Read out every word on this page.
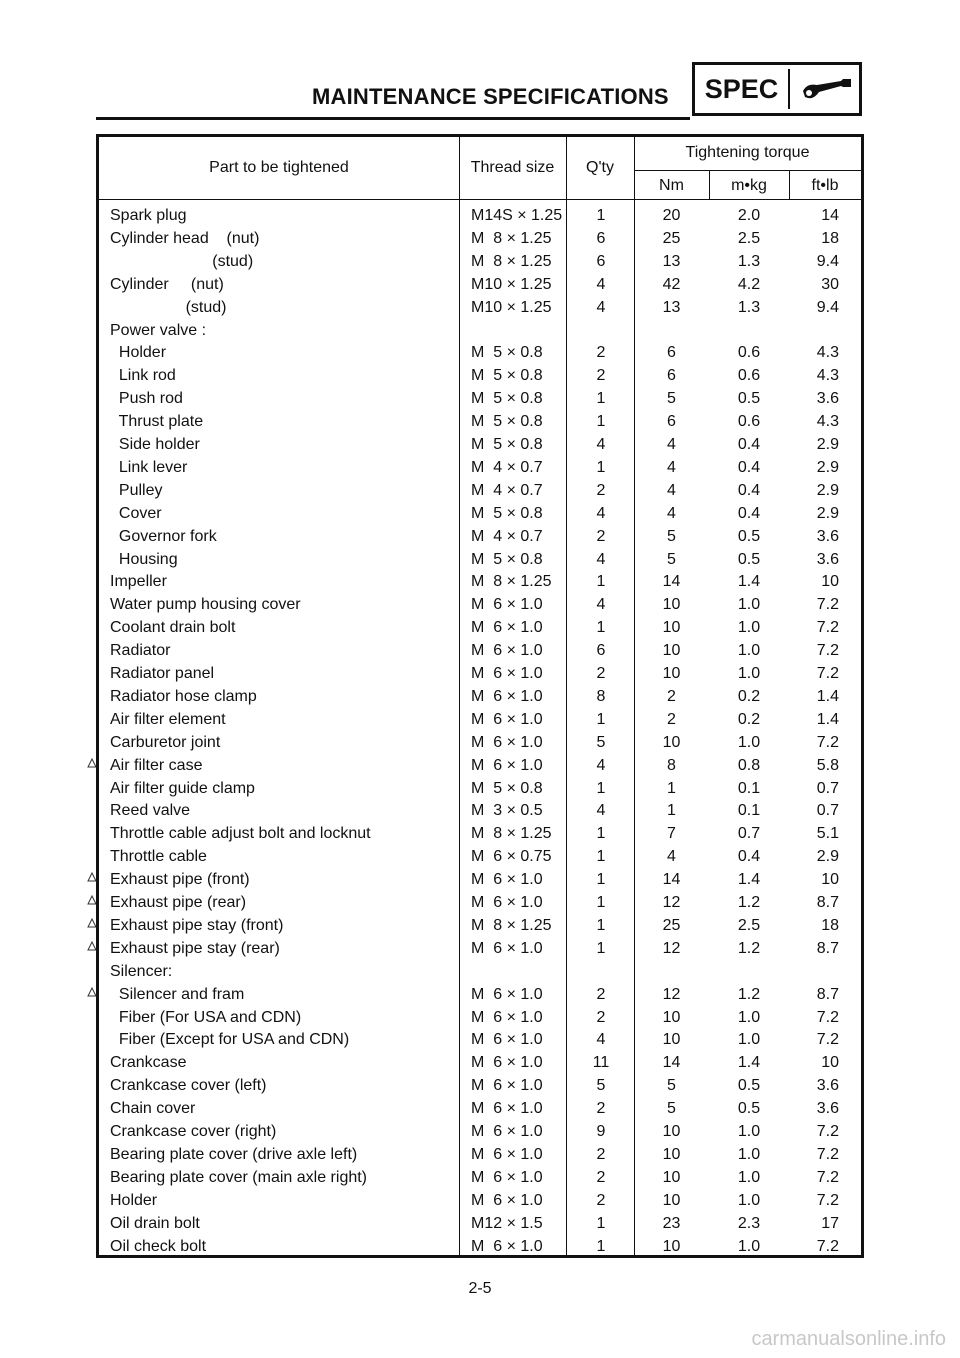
MAINTENANCE SPECIFICATIONS	SPEC
Part to be tightened	Thread size	Q'ty
Tightening torque
Nm	m•kg	ft•lb
Spark plug	M14S × 1.25	1	20	2.0	14
Cylinder head    (nut)	M  8 × 1.25	6	25	2.5	18
(stud)	M  8 × 1.25	6	13	1.3	9.4
Cylinder     (nut)	M10 × 1.25	4	42	4.2	30
(stud)	M10 × 1.25	4	13	1.3	9.4
Power valve :
Holder	M  5 × 0.8	2	6	0.6	4.3
Link rod	M  5 × 0.8	2	6	0.6	4.3
Push rod	M  5 × 0.8	1	5	0.5	3.6
Thrust plate	M  5 × 0.8	1	6	0.6	4.3
Side holder	M  5 × 0.8	4	4	0.4	2.9
Link lever	M  4 × 0.7	1	4	0.4	2.9
Pulley	M  4 × 0.7	2	4	0.4	2.9
Cover	M  5 × 0.8	4	4	0.4	2.9
Governor fork	M  4 × 0.7	2	5	0.5	3.6
Housing	M  5 × 0.8	4	5	0.5	3.6
Impeller	M  8 × 1.25	1	14	1.4	10
Water pump housing cover	M  6 × 1.0	4	10	1.0	7.2
Coolant drain bolt	M  6 × 1.0	1	10	1.0	7.2
Radiator	M  6 × 1.0	6	10	1.0	7.2
Radiator panel	M  6 × 1.0	2	10	1.0	7.2
Radiator hose clamp	M  6 × 1.0	8	2	0.2	1.4
Air filter element	M  6 × 1.0	1	2	0.2	1.4
Carburetor joint	M  6 × 1.0	5	10	1.0	7.2
Air filter case	M  6 × 1.0	4	8	0.8	5.8
Air filter guide clamp	M  5 × 0.8	1	1	0.1	0.7
Reed valve	M  3 × 0.5	4	1	0.1	0.7
Throttle cable adjust bolt and locknut	M  8 × 1.25	1	7	0.7	5.1
Throttle cable	M  6 × 0.75	1	4	0.4	2.9
Exhaust pipe (front)	M  6 × 1.0	1	14	1.4	10
Exhaust pipe (rear)	M  6 × 1.0	1	12	1.2	8.7
Exhaust pipe stay (front)	M  8 × 1.25	1	25	2.5	18
Exhaust pipe stay (rear)	M  6 × 1.0	1	12	1.2	8.7
Silencer:
Silencer and fram	M  6 × 1.0	2	12	1.2	8.7
Fiber (For USA and CDN)	M  6 × 1.0	2	10	1.0	7.2
Fiber (Except for USA and CDN)	M  6 × 1.0	4	10	1.0	7.2
Crankcase	M  6 × 1.0	11	14	1.4	10
Crankcase cover (left)	M  6 × 1.0	5	5	0.5	3.6
Chain cover	M  6 × 1.0	2	5	0.5	3.6
Crankcase cover (right)	M  6 × 1.0	9	10	1.0	7.2
Bearing plate cover (drive axle left)	M  6 × 1.0	2	10	1.0	7.2
Bearing plate cover (main axle right)	M  6 × 1.0	2	10	1.0	7.2
Holder	M  6 × 1.0	2	10	1.0	7.2
Oil drain bolt	M12 × 1.5	1	23	2.3	17
Oil check bolt	M  6 × 1.0	1	10	1.0	7.2
2-5
carmanualsonline.info
